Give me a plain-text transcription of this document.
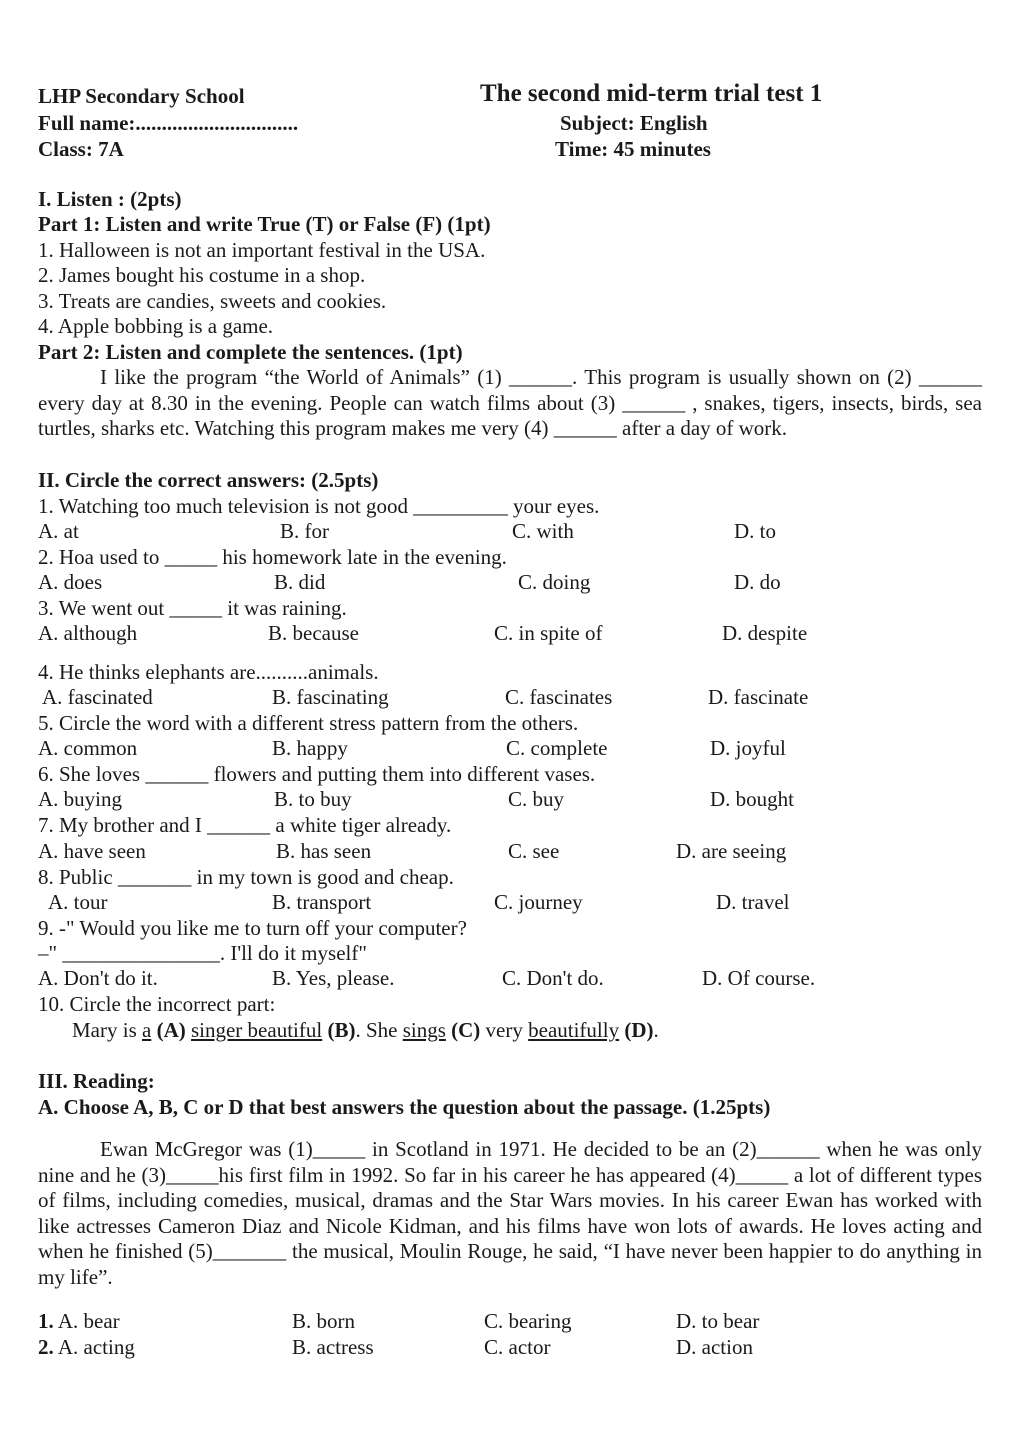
LHP Secondary School	The second mid-term trial test 1
Full name:...............................	Subject: English
Class: 7A	Time: 45 minutes
I. Listen : (2pts)
Part 1: Listen and write True (T) or False (F) (1pt)
1. Halloween is not an important festival in the USA.
2. James bought his costume in a shop.
3. Treats are candies, sweets and cookies.
4. Apple bobbing is a game.
Part 2: Listen and complete the sentences. (1pt)
I like the program “the World of Animals” (1) ______. This program is usually shown on (2) ______ every day at 8.30 in the evening. People can watch films about (3) ______ , snakes, tigers, insects, birds, sea turtles, sharks etc. Watching this program makes me very (4) ______ after a day of work.
II. Circle the correct answers: (2.5pts)
1. Watching too much television is not good _________ your eyes.
A. at	B. for	C. with	D. to
2. Hoa used to _____ his homework late in the evening.
A. does	B. did	C. doing	D. do
3. We went out _____ it was raining.
A. although	B. because	C. in spite of	D. despite
4. He thinks elephants are..........animals.
A. fascinated	B. fascinating	C. fascinates	D. fascinate
5. Circle the word with a different stress pattern from the others.
A. common	B. happy	C. complete	D. joyful
6. She loves ______ flowers and putting them into different vases.
A. buying	B. to buy	C. buy	D. bought
7. My brother and I ______ a white tiger already.
A. have seen	B. has seen	C. see	D. are seeing
8. Public _______ in my town is good and cheap.
A. tour	B. transport	C. journey	D. travel
9. -" Would you like me to turn off your computer?
–" _______________. I'll do it myself"
A. Don't do it.	B. Yes, please.	C. Don't do.	D. Of course.
10. Circle the incorrect part:
Mary is a (A) singer beautiful (B). She sings (C) very beautifully (D).
III. Reading:
A. Choose A, B, C or D that best answers the question about the passage. (1.25pts)
Ewan McGregor was (1)_____ in Scotland in 1971. He decided to be an (2)______ when he was only nine and he (3)_____his first film in 1992. So far in his career he has appeared (4)_____ a lot of different types of films, including comedies, musical, dramas and the Star Wars movies. In his career Ewan has worked with like actresses Cameron Diaz and Nicole Kidman, and his films have won lots of awards. He loves acting and when he finished (5)_______ the musical, Moulin Rouge, he said, “I have never been happier to do anything in my life”.
1. A. bear	B. born	C. bearing	D. to bear
2. A. acting	B. actress	C. actor	D. action
